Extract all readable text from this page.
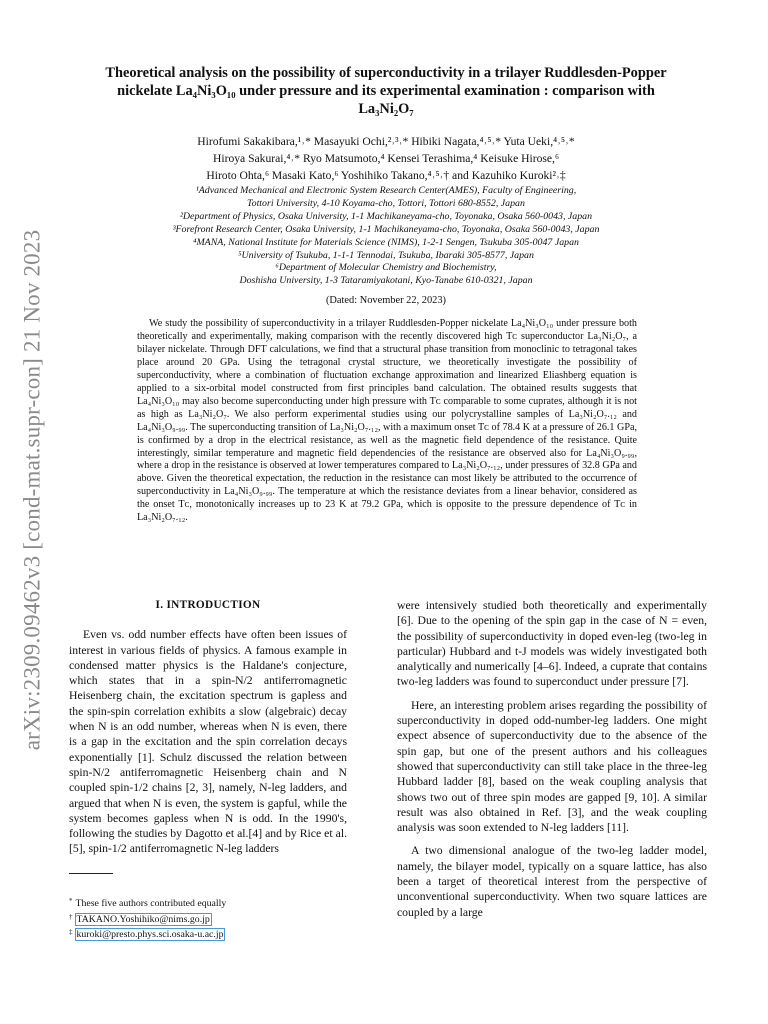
arXiv:2309.09462v3 [cond-mat.supr-con] 21 Nov 2023
Theoretical analysis on the possibility of superconductivity in a trilayer Ruddlesden-Popper nickelate La₄Ni₃O₁₀ under pressure and its experimental examination : comparison with La₃Ni₂O₇
Hirofumi Sakakibara,¹˒* Masayuki Ochi,²˒³˒* Hibiki Nagata,⁴˒⁵˒* Yuta Ueki,⁴˒⁵˒*
Hiroya Sakurai,⁴˒* Ryo Matsumoto,⁴ Kensei Terashima,⁴ Keisuke Hirose,⁶
Hiroto Ohta,⁶ Masaki Kato,⁶ Yoshihiko Takano,⁴˒⁵˒† and Kazuhiko Kuroki²˒‡
¹Advanced Mechanical and Electronic System Research Center(AMES), Faculty of Engineering,
Tottori University, 4-10 Koyama-cho, Tottori, Tottori 680-8552, Japan
²Department of Physics, Osaka University, 1-1 Machikaneyama-cho, Toyonaka, Osaka 560-0043, Japan
³Forefront Research Center, Osaka University, 1-1 Machikaneyama-cho, Toyonaka, Osaka 560-0043, Japan
⁴MANA, National Institute for Materials Science (NIMS), 1-2-1 Sengen, Tsukuba 305-0047 Japan
⁵University of Tsukuba, 1-1-1 Tennodai, Tsukuba, Ibaraki 305-8577, Japan
⁶Department of Molecular Chemistry and Biochemistry,
Doshisha University, 1-3 Tataramiyakotani, Kyo-Tanabe 610-0321, Japan
(Dated: November 22, 2023)

We study the possibility of superconductivity in a trilayer Ruddlesden-Popper nickelate La₄Ni₃O₁₀ under pressure both theoretically and experimentally, making comparison with the recently discovered high Tᴄ superconductor La₃Ni₂O₇, a bilayer nickelate. Through DFT calculations, we find that a structural phase transition from monoclinic to tetragonal takes place around 20 GPa. Using the tetragonal crystal structure, we theoretically investigate the possibility of superconductivity, where a combination of fluctuation exchange approximation and linearized Eliashberg equation is applied to a six-orbital model constructed from first principles band calculation. The obtained results suggests that La₄Ni₃O₁₀ may also become superconducting under high pressure with Tᴄ comparable to some cuprates, although it is not as high as La₃Ni₂O₇. We also perform experimental studies using our polycrystalline samples of La₃Ni₂O₇.₁₂ and La₄Ni₃O₉.₉₉. The superconducting transition of La₃Ni₂O₇.₁₂, with a maximum onset Tᴄ of 78.4 K at a pressure of 26.1 GPa, is confirmed by a drop in the electrical resistance, as well as the magnetic field dependence of the resistance. Quite interestingly, similar temperature and magnetic field dependencies of the resistance are observed also for La₄Ni₃O₉.₉₉, where a drop in the resistance is observed at lower temperatures compared to La₃Ni₂O₇.₁₂, under pressures of 32.8 GPa and above. Given the theoretical expectation, the reduction in the resistance can most likely be attributed to the occurrence of superconductivity in La₄Ni₃O₉.₉₉. The temperature at which the resistance deviates from a linear behavior, considered as the onset Tᴄ, monotonically increases up to 23 K at 79.2 GPa, which is opposite to the pressure dependence of Tᴄ in La₃Ni₂O₇.₁₂.

I. INTRODUCTION

Even vs. odd number effects have often been issues of interest in various fields of physics. A famous example in condensed matter physics is the Haldane's conjecture, which states that in a spin-N/2 antiferromagnetic Heisenberg chain, the excitation spectrum is gapless and the spin-spin correlation exhibits a slow (algebraic) decay when N is an odd number, whereas when N is even, there is a gap in the excitation and the spin correlation decays exponentially [1]. Schulz discussed the relation between spin-N/2 antiferromagnetic Heisenberg chain and N coupled spin-1/2 chains [2, 3], namely, N-leg ladders, and argued that when N is even, the system is gapful, while the system becomes gapless when N is odd. In the 1990's, following the studies by Dagotto et al.[4] and by Rice et al.[5], spin-1/2 antiferromagnetic N-leg ladders

were intensively studied both theoretically and experimentally [6]. Due to the opening of the spin gap in the case of N = even, the possibility of superconductivity in doped even-leg (two-leg in particular) Hubbard and t-J models was widely investigated both analytically and numerically [4–6]. Indeed, a cuprate that contains two-leg ladders was found to superconduct under pressure [7].

Here, an interesting problem arises regarding the possibility of superconductivity in doped odd-number-leg ladders. One might expect absence of superconductivity due to the absence of the spin gap, but one of the present authors and his colleagues showed that superconductivity can still take place in the three-leg Hubbard ladder [8], based on the weak coupling analysis that shows two out of three spin modes are gapped [9, 10]. A similar result was also obtained in Ref. [3], and the weak coupling analysis was soon extended to N-leg ladders [11].

A two dimensional analogue of the two-leg ladder model, namely, the bilayer model, typically on a square lattice, has also been a target of theoretical interest from the perspective of unconventional superconductivity. When two square lattices are coupled by a large

* These five authors contributed equally
† TAKANO.Yoshihiko@nims.go.jp
‡ kuroki@presto.phys.sci.osaka-u.ac.jp
